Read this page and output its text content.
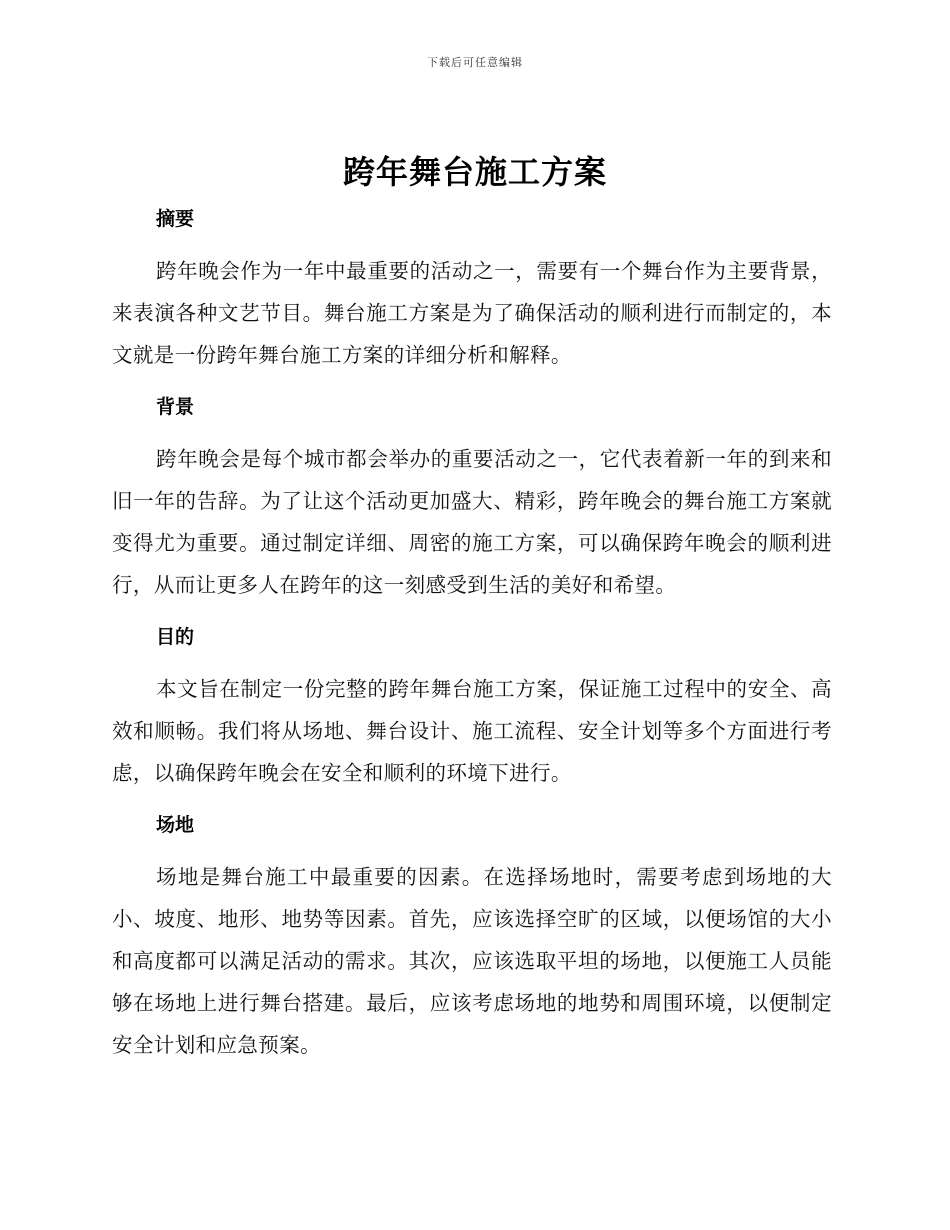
下载后可任意编辑
跨年舞台施工方案
摘要

跨年晚会作为一年中最重要的活动之一，需要有一个舞台作为主要背景，来表演各种文艺节目。舞台施工方案是为了确保活动的顺利进行而制定的，本文就是一份跨年舞台施工方案的详细分析和解释。

背景

跨年晚会是每个城市都会举办的重要活动之一，它代表着新一年的到来和旧一年的告辞。为了让这个活动更加盛大、精彩，跨年晚会的舞台施工方案就变得尤为重要。通过制定详细、周密的施工方案，可以确保跨年晚会的顺利进行，从而让更多人在跨年的这一刻感受到生活的美好和希望。

目的

本文旨在制定一份完整的跨年舞台施工方案，保证施工过程中的安全、高效和顺畅。我们将从场地、舞台设计、施工流程、安全计划等多个方面进行考虑，以确保跨年晚会在安全和顺利的环境下进行。

场地

场地是舞台施工中最重要的因素。在选择场地时，需要考虑到场地的大小、坡度、地形、地势等因素。首先，应该选择空旷的区域，以便场馆的大小和高度都可以满足活动的需求。其次，应该选取平坦的场地，以便施工人员能够在场地上进行舞台搭建。最后，应该考虑场地的地势和周围环境，以便制定安全计划和应急预案。
